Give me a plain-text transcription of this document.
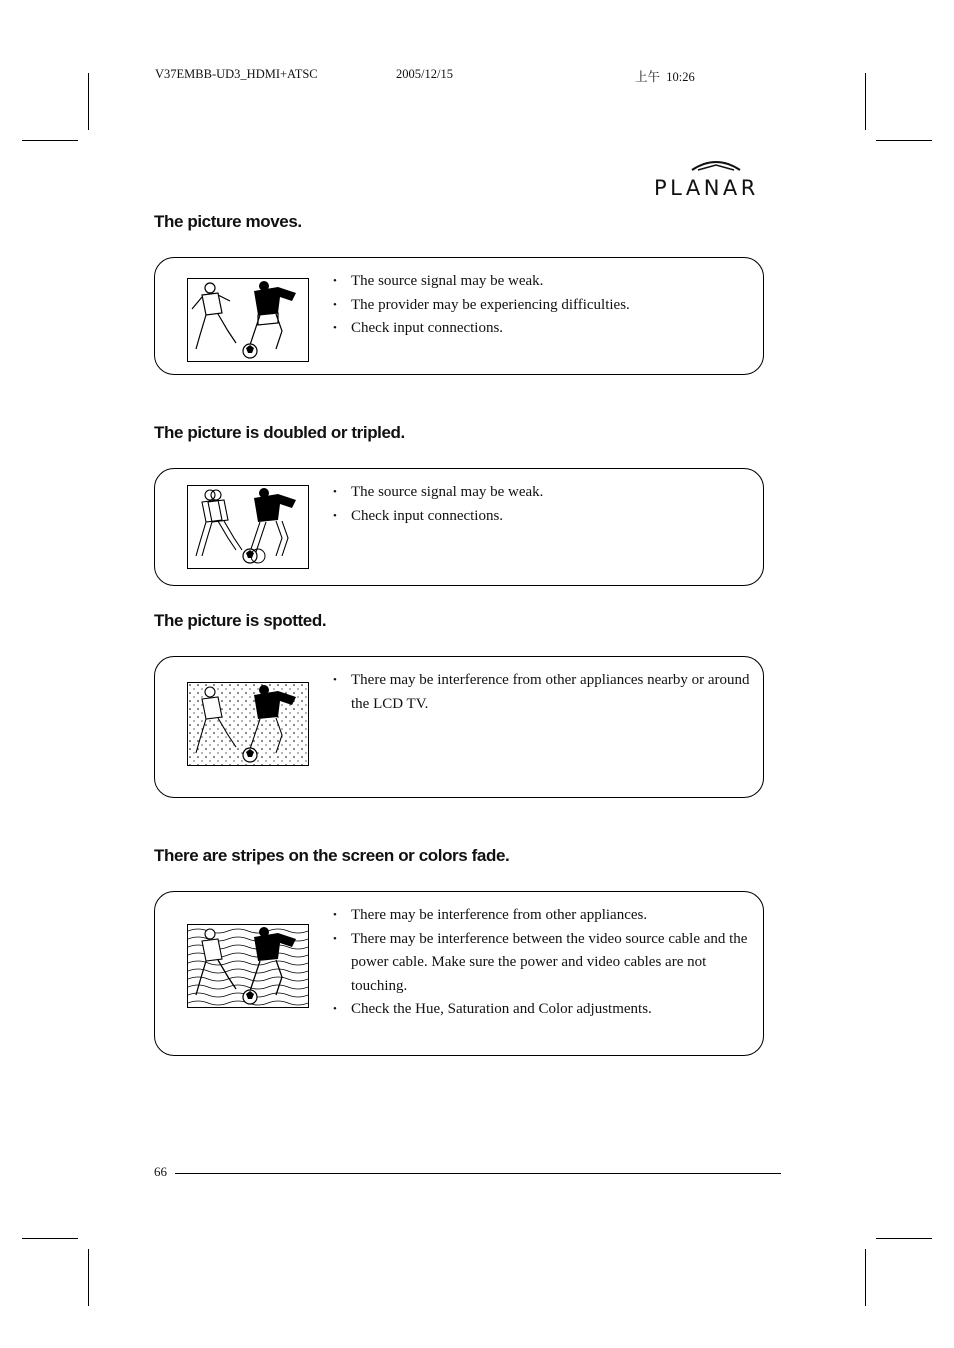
V37EMBB-UD3_HDMI+ATSC	2005/12/15	上午  10:26
PLANAR
The picture moves.
• The source signal may be weak.
• The provider may be experiencing difficulties.
• Check input connections.
The picture is doubled or tripled.
• The source signal may be weak.
• Check input connections.
The picture is spotted.
• There may be interference from other appliances nearby or around the LCD TV.
There are stripes on the screen or colors fade.
• There may be interference from other appliances.
• There may be interference between the video source cable and the power cable. Make sure the power and video cables are not touching.
• Check the Hue, Saturation and Color adjustments.
66
